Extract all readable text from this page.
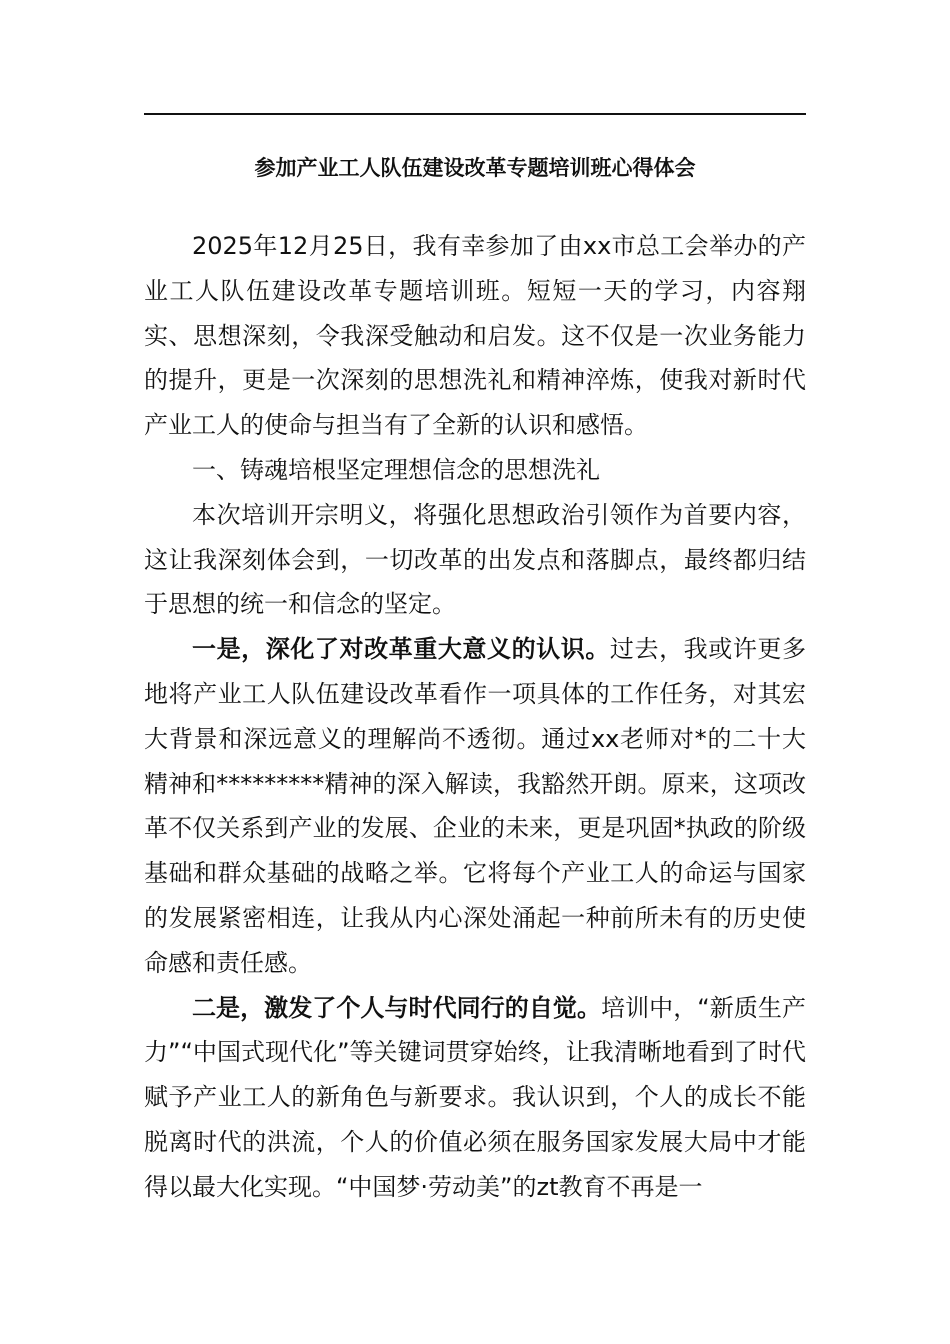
参加产业工人队伍建设改革专题培训班心得体会

2025年12月25日，我有幸参加了由xx市总工会举办的产业工人队伍建设改革专题培训班。短短一天的学习，内容翔实、思想深刻，令我深受触动和启发。这不仅是一次业务能力的提升，更是一次深刻的思想洗礼和精神淬炼，使我对新时代产业工人的使命与担当有了全新的认识和感悟。

一、铸魂培根坚定理想信念的思想洗礼

本次培训开宗明义，将强化思想政治引领作为首要内容，这让我深刻体会到，一切改革的出发点和落脚点，最终都归结于思想的统一和信念的坚定。

一是，深化了对改革重大意义的认识。过去，我或许更多地将产业工人队伍建设改革看作一项具体的工作任务，对其宏大背景和深远意义的理解尚不透彻。通过xx老师对*的二十大精神和*********精神的深入解读，我豁然开朗。原来，这项改革不仅关系到产业的发展、企业的未来，更是巩固*执政的阶级基础和群众基础的战略之举。它将每个产业工人的命运与国家的发展紧密相连，让我从内心深处涌起一种前所未有的历史使命感和责任感。

二是，激发了个人与时代同行的自觉。培训中，“新质生产力”“中国式现代化”等关键词贯穿始终，让我清晰地看到了时代赋予产业工人的新角色与新要求。我认识到，个人的成长不能脱离时代的洪流，个人的价值必须在服务国家发展大局中才能得以最大化实现。“中国梦·劳动美”的zt教育不再是一
